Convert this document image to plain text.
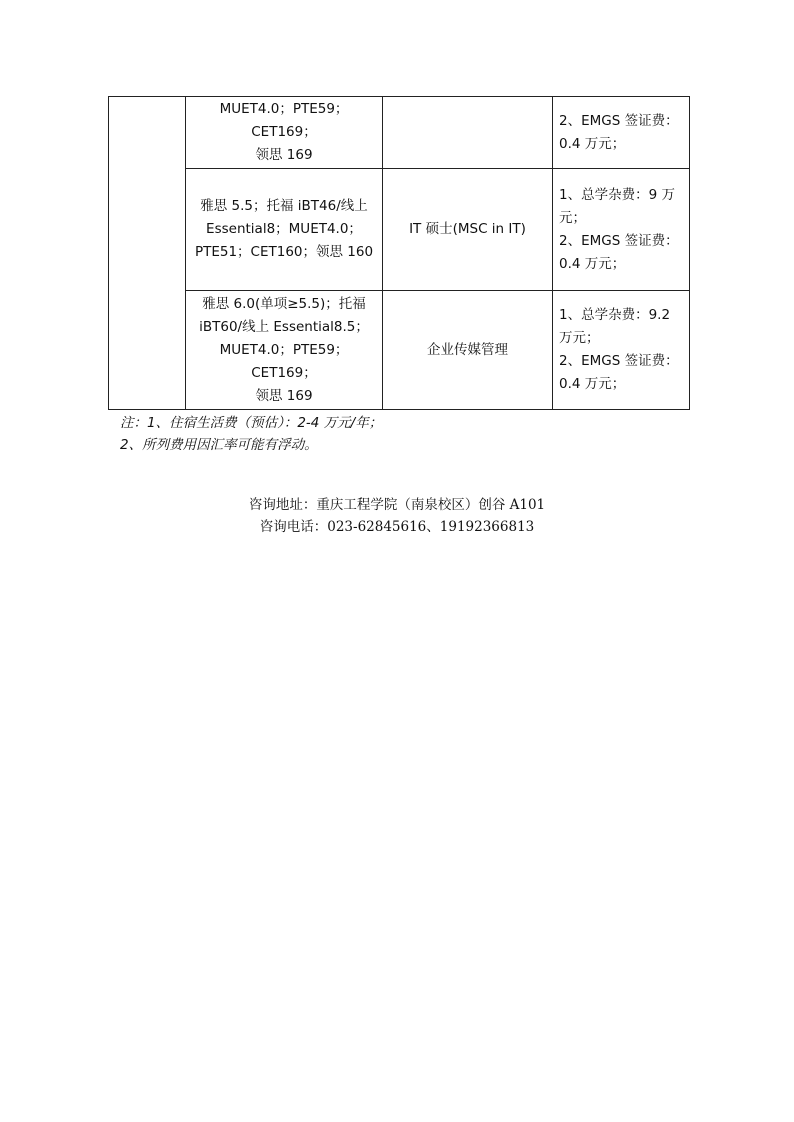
	MUET4.0；PTE59；CET169；
领思 169		2、EMGS 签证费：
0.4 万元；

	雅思 5.5；托福 iBT46/线上
Essential8；MUET4.0；
PTE51；CET160；领思 160	IT 硕士(MSC in IT)	1、总学杂费：9 万
元；
2、EMGS 签证费：
0.4 万元；

	雅思 6.0(单项≥5.5)；托福
iBT60/线上 Essential8.5；
MUET4.0；PTE59；CET169；
领思 169	企业传媒管理	1、总学杂费：9.2
万元；
2、EMGS 签证费：
0.4 万元；
注：1、住宿生活费（预估）：2-4 万元/年；
2、所列费用因汇率可能有浮动。
咨询地址：重庆工程学院（南泉校区）创谷 A101
咨询电话：023-62845616、19192366813
